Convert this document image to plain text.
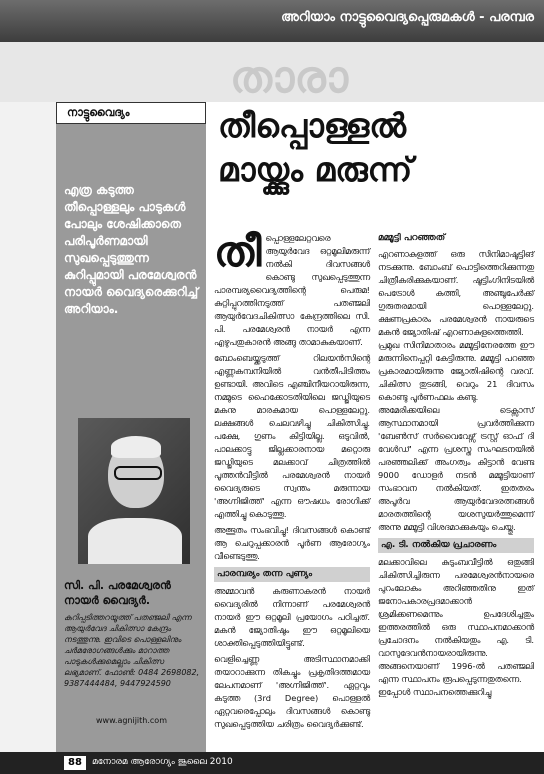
അറിയാം നാട്ടുവൈദ്യപ്പെരുമകൾ - പരമ്പര
താരാ
നാട്ടുവൈദ്യം
എത്ര കടുത്ത തീപ്പൊള്ളലും പാടുകൾ പോലും ശേഷിക്കാതെ പരിപൂർണമായി സുഖപ്പെടുത്തുന്ന കുറിപ്പുമായി പരമേശ്വരൻ നായർ വൈദ്യരെക്കുറിച്ച് അറിയാം.
സി. പി. പരമേശ്വരൻ നായർ വൈദ്യർ.
കുറിപ്പടിത്തറയൂത്ത് പതഞ്ജലി എന്ന ആയുർവേദ ചികിത്സാ കേന്ദ്രം നടത്തുന്നു. ഇവിടെ പൊള്ളലിനും ചർമരോഗങ്ങൾക്കും മാറാത്ത പാടുകൾക്കുമെല്ലാം ചികിത്സ ലഭ്യമാണ്. ഫോൺ: 0484 2698082, 9387444484, 9447924590
www.agnijith.com
തീപ്പൊള്ളൽ
മായ്ക്കും മരുന്ന്

തീപ്പൊള്ളലേറ്റവരെ ആയുർവേദ ഒറ്റമൂലിമരുന്ന് നൽകി ദിവസങ്ങൾ കൊണ്ടു സുഖപ്പെടുത്തുന്ന പാരമ്പര്യവൈദ്യത്തിന്റെ പെരുമ! കുറ്റിപ്പുറത്തിനടുത്ത് പതഞ്ജലി ആയുർവേദചികിത്സാ കേന്ദ്രത്തിലെ സി. പി. പരമേശ്വരൻ നായർ എന്ന എഴുപതുകാരൻ അങ്ങു താമാകുകയാണ്.

ബോംബെയ്ക്കടുത്ത് റിലയൻസിന്റെ എണ്ണകമ്പനിയിൽ വൻതീപിടിത്തം ഉണ്ടായി. അവിടെ എഞ്ചിനീയറായിരുന്ന, നമ്മുടെ ഹൈക്കോടതിയിലെ ജഡ്ജിയുടെ മകനു മാരകമായ പൊള്ളലേറ്റു. ലക്ഷങ്ങൾ ചെലവഴിച്ചു ചികിത്സിച്ചു. പക്ഷേ, ഗുണം കിട്ടിയില്ല. ഒടുവിൽ, പാലക്കാട്ടു ജില്ലക്കാരനായ മറ്റൊരു ജഡ്ജിയുടെ മലക്കാവ് ചിത്രത്തിൽ പൂത്തൻവീട്ടിൽ പരമേശ്വരൻ നായർ വൈദ്യരുടെ സ്വന്തം മരുന്നായ 'അഗ്നിജിത്ത്' എന്ന ഔഷധം രോഗിക്ക് എത്തിച്ചു കൊടുത്തു.

അത്ഭുതം സംഭവിച്ചു! ദിവസങ്ങൾ കൊണ്ട് ആ ചെറുപ്പക്കാരൻ പൂർണ ആരോഗ്യം വീണ്ടെടുത്തു.

പാരമ്പര്യം തന്ന പുണ്യം

അമ്മാവൻ കരുണാകരൻ നായർ വൈദ്യരിൽ നിന്നാണ് പരമേശ്വരൻ നായർ ഈ ഒറ്റമൂലി പ്രയോഗം പഠിച്ചത്. മകൻ ജ്യോതിഷും ഈ ഒറ്റമൂലിയെ ശാക്തിപ്പെടുത്തിയിട്ടുണ്ട്.

വെളിച്ചെണ്ണ അടിസ്ഥാനമാക്കി തയാറാക്കുന്ന തികച്ചും പ്രകൃതിദത്തമായ ലേപനമാണ് 'അഗ്നിജിത്ത്'. ഏറ്റവും കടുത്ത (3rd Degree) പൊള്ളൽ ഏറ്റവരെപ്പോലും ദിവസങ്ങൾ കൊണ്ടു സുഖപ്പെടുത്തിയ ചരിത്രം വൈദ്യർക്കുണ്ട്.

മമ്മൂട്ടി പറഞ്ഞത്

എറണാകുളത്ത് ഒരു സിനിമാഷൂട്ടിങ് നടക്കുന്നു. ബോംബ് പൊട്ടിത്തെറിക്കുന്നതു ചിത്രീകരിക്കുകയാണ്. ഷൂട്ടിംഗിനിടയിൽ പെട്രോൾ കത്തി, അഞ്ചുപേർക്ക് ഗുരുതരമായി പൊള്ളലേറ്റു. ക്ഷണപ്രകാരം പരമേശ്വരൻ നായരുടെ മകൻ ജ്യോതിഷ് എറണാകുളത്തെത്തി.

പ്രമുഖ സിനിമാതാരം മമ്മൂട്ടിനേരത്തേ ഈ മരുന്നിനെപ്പറ്റി കേട്ടിരുന്നു. മമ്മൂട്ടി പറഞ്ഞ പ്രകാരമായിരുന്നു ജ്യോതിഷിന്റെ വരവ്. ചികിത്സ തുടങ്ങി, വെറും 21 ദിവസം കൊണ്ടു പൂർണഫലം കണ്ടു.

അമേരിക്കയിലെ ടെക്സാസ് ആസ്ഥാനമായി പ്രവർത്തിക്കുന്ന 'ബേൺസ് സർവൈവേഴ്സ് ട്രസ്റ്റ് ഓഫ് ദി വേൾഡ്' എന്ന പ്രശസ്ത സംഘടനയിൽ പരഞ്ഞലിക്ക് അംഗത്വം കിട്ടാൻ വേണ്ട 9000 ഡോളർ നടൻ മമ്മൂട്ടിയാണ് സംഭാവന നൽകിയത്. ഇതതരം അപൂർവ ആയുർവേദരത്നങ്ങൾ മാരതത്തിന്റെ യശസുയർത്തുമെന്ന് അന്നു മമ്മൂട്ടി വിശദമാക്കുകയും ചെയ്തു.

എ. ടി. നൽകിയ പ്രചാരണം

മലക്കാവിലെ കുടുംബവീട്ടിൽ ഒതുങ്ങി ചികിത്സിച്ചിരുന്ന പരമേശ്വരൻനായരെ പുറംലോകം അറിഞ്ഞതിനു ഇത് ജനോപകാരപ്രദമാക്കാൻ ശ്രമിക്കണമെന്നും ഉപദേശിച്ചതും ഇത്തരത്തിൽ ഒരു സ്ഥാപനമാക്കാൻ പ്രചോദനം നൽകിയതും എ. ടി. വാസുദേവൻനായരായിരുന്നു. അങ്ങനെയാണ് 1996-ൽ പതഞ്ജലി എന്ന സ്ഥാപനം രൂപപ്പെടുന്നതുതന്നെ.

ഇപ്പോൾ സ്ഥാപനത്തെക്കുറിച്ചു

88	മനോരമ ആരോഗ്യം ജൂലൈ 2010
